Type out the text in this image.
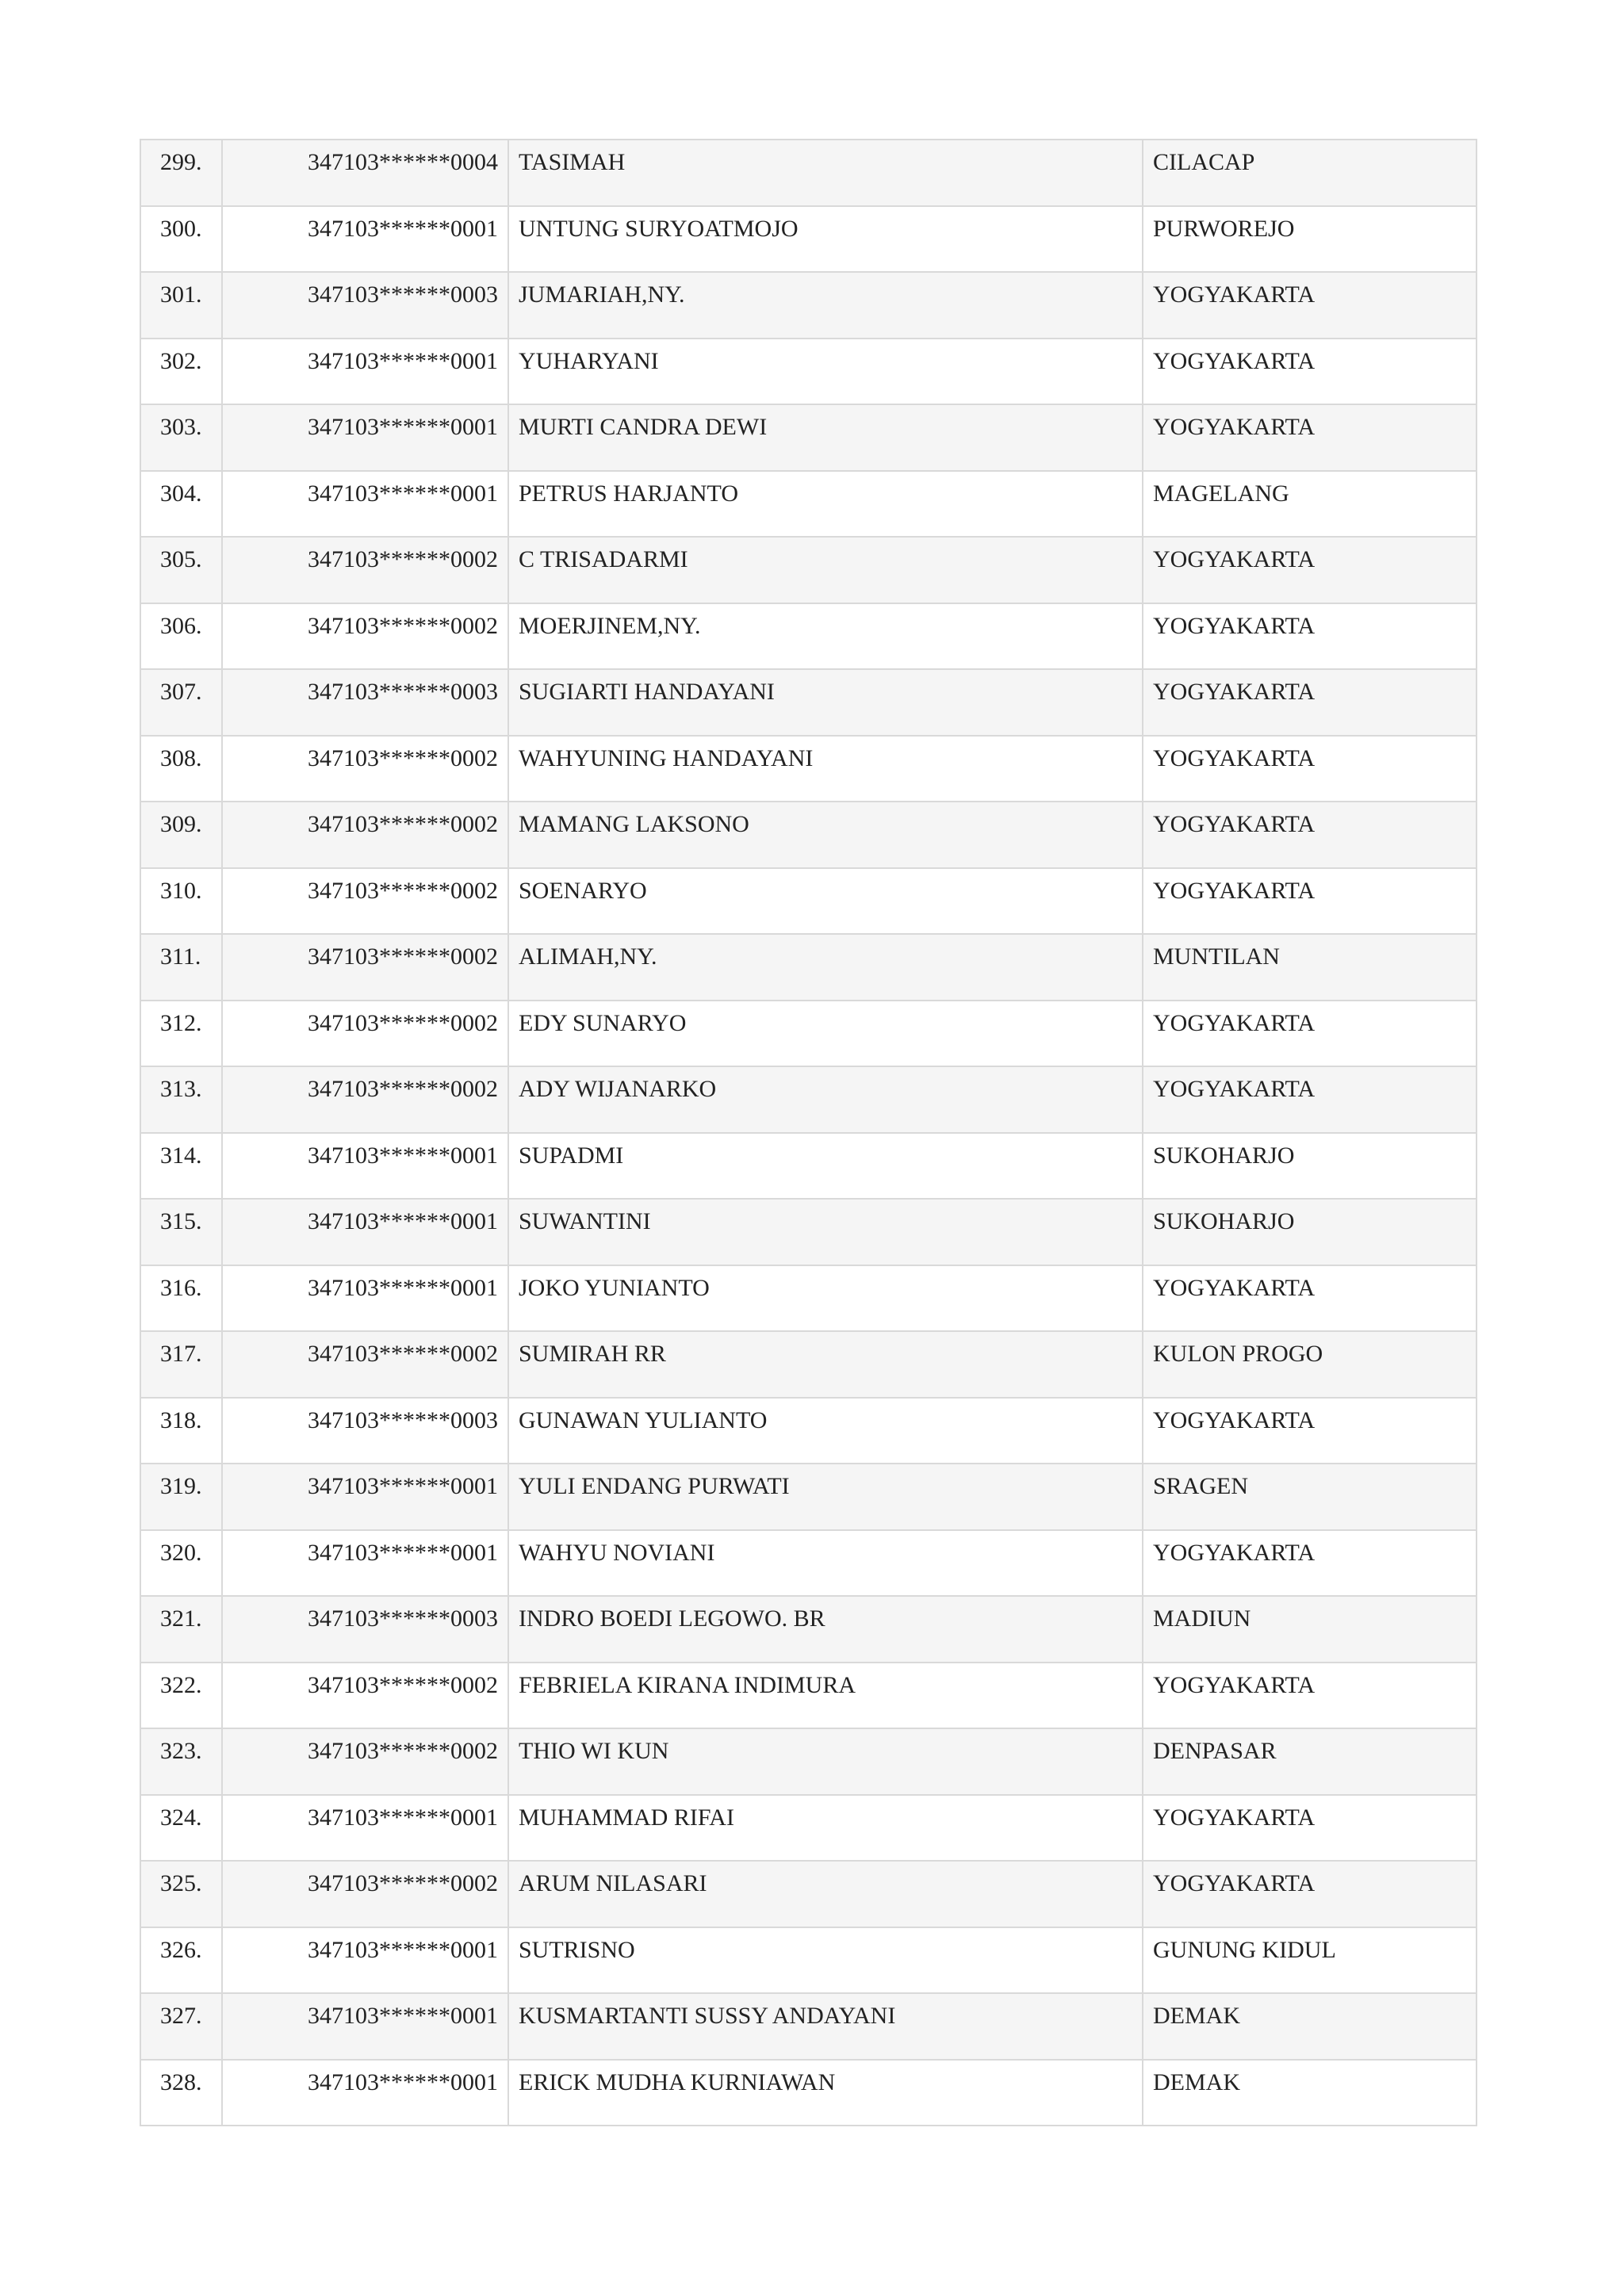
299.	347103******0004	TASIMAH	CILACAP
300.	347103******0001	UNTUNG SURYOATMOJO	PURWOREJO
301.	347103******0003	JUMARIAH,NY.	YOGYAKARTA
302.	347103******0001	YUHARYANI	YOGYAKARTA
303.	347103******0001	MURTI CANDRA DEWI	YOGYAKARTA
304.	347103******0001	PETRUS HARJANTO	MAGELANG
305.	347103******0002	C TRISADARMI	YOGYAKARTA
306.	347103******0002	MOERJINEM,NY.	YOGYAKARTA
307.	347103******0003	SUGIARTI HANDAYANI	YOGYAKARTA
308.	347103******0002	WAHYUNING HANDAYANI	YOGYAKARTA
309.	347103******0002	MAMANG LAKSONO	YOGYAKARTA
310.	347103******0002	SOENARYO	YOGYAKARTA
311.	347103******0002	ALIMAH,NY.	MUNTILAN
312.	347103******0002	EDY SUNARYO	YOGYAKARTA
313.	347103******0002	ADY WIJANARKO	YOGYAKARTA
314.	347103******0001	SUPADMI	SUKOHARJO
315.	347103******0001	SUWANTINI	SUKOHARJO
316.	347103******0001	JOKO YUNIANTO	YOGYAKARTA
317.	347103******0002	SUMIRAH RR	KULON PROGO
318.	347103******0003	GUNAWAN YULIANTO	YOGYAKARTA
319.	347103******0001	YULI ENDANG PURWATI	SRAGEN
320.	347103******0001	WAHYU NOVIANI	YOGYAKARTA
321.	347103******0003	INDRO BOEDI LEGOWO. BR	MADIUN
322.	347103******0002	FEBRIELA KIRANA INDIMURA	YOGYAKARTA
323.	347103******0002	THIO WI KUN	DENPASAR
324.	347103******0001	MUHAMMAD RIFAI	YOGYAKARTA
325.	347103******0002	ARUM NILASARI	YOGYAKARTA
326.	347103******0001	SUTRISNO	GUNUNG KIDUL
327.	347103******0001	KUSMARTANTI SUSSY ANDAYANI	DEMAK
328.	347103******0001	ERICK MUDHA KURNIAWAN	DEMAK
